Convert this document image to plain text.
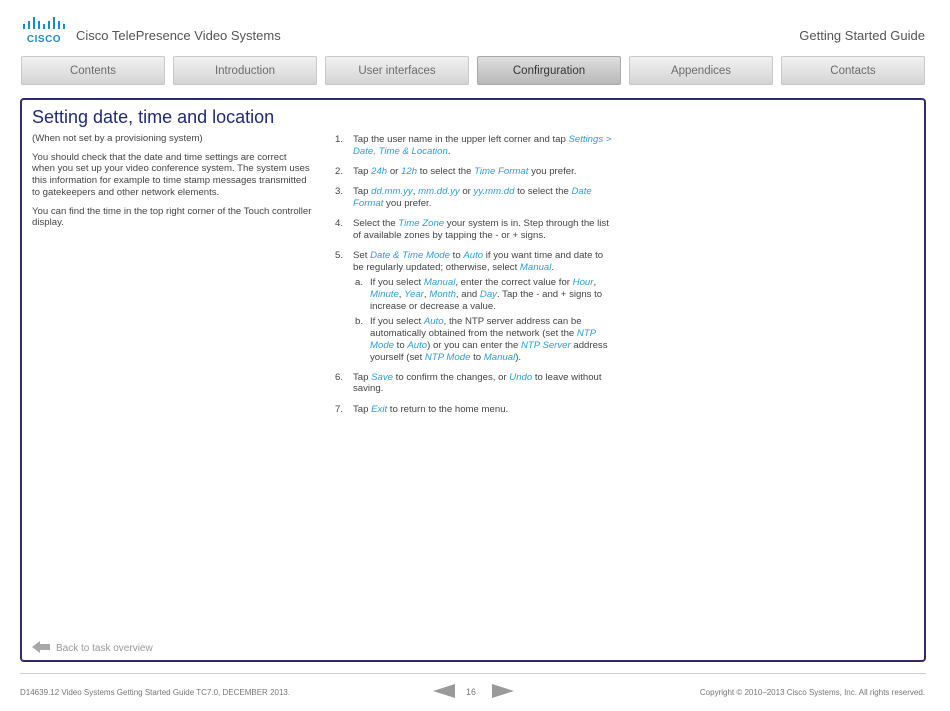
CISCO Cisco TelePresence Video Systems	Getting Started Guide
Contents	Introduction	User interfaces	Confirguration	Appendices	Contacts
Setting date, time and location

(When not set by a provisioning system)

You should check that the date and time settings are correct when you set up your video conference system. The system uses this information for example to time stamp messages transmitted to gatekeepers and other network elements.

You can find the time in the top right corner of the Touch controller display.

1. Tap the user name in the upper left corner and tap Settings > Date, Time & Location.
2. Tap 24h or 12h to select the Time Format you prefer.
3. Tap dd.mm.yy, mm.dd.yy or yy.mm.dd to select the Date Format you prefer.
4. Select the Time Zone your system is in. Step through the list of available zones by tapping the - or + signs.
5. Set Date & Time Mode to Auto if you want time and date to be regularly updated; otherwise, select Manual.
a. If you select Manual, enter the correct value for Hour, Minute, Year, Month, and Day. Tap the - and + signs to increase or decrease a value.
b. If you select Auto, the NTP server address can be automatically obtained from the network (set the NTP Mode to Auto) or you can enter the NTP Server address yourself (set NTP Mode to Manual).
6. Tap Save to confirm the changes, or Undo to leave without saving.
7. Tap Exit to return to the home menu.
Back to task overview
D14639.12 Video Systems Getting Started Guide TC7.0, DECEMBER 2013.	16	Copyright © 2010–2013 Cisco Systems, Inc. All rights reserved.
